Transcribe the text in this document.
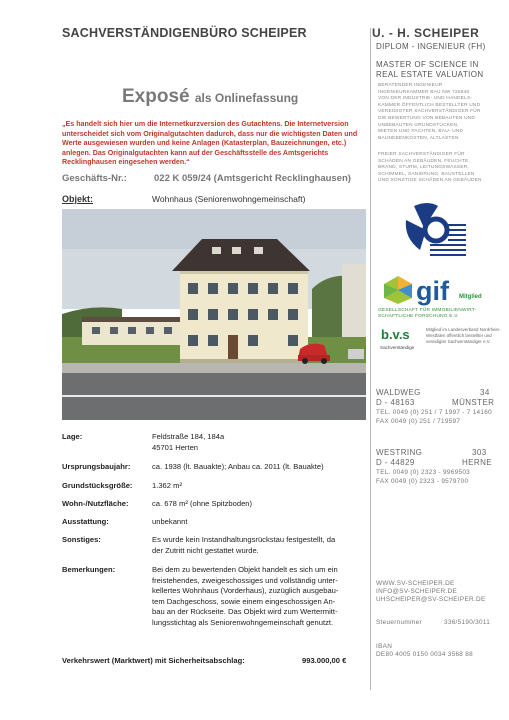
SACHVERSTÄNDIGENBÜRO SCHEIPER
Exposé als Onlinefassung
„Es handelt sich hier um die Internetkurzversion des Gutachtens. Die Internetversion unterscheidet sich vom Originalgutachten dadurch, dass nur die wichtigsten Daten und Werte ausgewiesen wurden und keine Anlagen (Katasterplan, Bauzeichnungen, etc.) anlegen. Das Originalgutachten kann auf der Geschäftsstelle des Amtsgerichts Recklinghausen eingesehen werden.“
Geschäfts-Nr.:	022 K 059/24 (Amtsgericht Recklinghausen)
Objekt:	Wohnhaus (Seniorenwohngemeinschaft)
Lage:	Feldstraße 184, 184a
45701 Herten
Ursprungsbaujahr:	ca. 1938 (lt. Bauakte); Anbau ca. 2011 (lt. Bauakte)
Grundstücksgröße:	1.362 m²
Wohn-/Nutzfläche:	ca. 678 m² (ohne Spitzboden)
Ausstattung:	unbekannt
Sonstiges:	Es wurde kein Instandhaltungsrückstau festgestellt, da
der Zutritt nicht gestattet wurde.
Bemerkungen:	Bei dem zu bewertenden Objekt handelt es sich um ein
freistehendes, zweigeschossiges und vollständig unter-
kellertes Wohnhaus (Vorderhaus), zuzüglich ausgebau-
tem Dachgeschoss, sowie einem eingeschossigen An-
bau an der Rückseite. Das Objekt wird zum Wertermitt-
lungsstichtag als Seniorenwohngemeinschaft genutzt.
Verkehrswert (Marktwert) mit Sicherheitsabschlag:	993.000,00 €
U. - H. SCHEIPER
DIPLOM - INGENIEUR (FH)
MASTER OF SCIENCE IN
REAL ESTATE VALUATION
BERATENDER INGENIEUR
INGENIEURKAMMER BAU NW 725845
VON DER INDUSTRIE- UND HANDELS-
KAMMER ÖFFENTLICH BESTELLTER UND
VEREIDIGTER SACHVERSTÄNDIGER FÜR
DIE BEWERTUNG VON BEBAUTEN UND
UNBEBAUTEN GRUNDSTÜCKEN,
MIETEN UND PACHTEN, BAU- UND
BAUNEBENKOSTEN, ALTLASTEN
FREIER SACHVERSTÄNDIGER FÜR
SCHÄDEN AN GEBÄUDEN, FEUCHTE,
BRAND, STURM, LEITUNGSWASSER,
SCHIMMEL, SANIERUNG, BAUSTELLEN
UND SONSTIGE SCHÄDEN AN GEBÄUDEN
gif Mitglied
GESELLSCHAFT FÜR IMMOBILIENWIRT-
SCHAFTLICHE FORSCHUNG E.V.
b.v.s
Sachverständige
Mitglied im Landesverband Nordrhein-Westfalen öffentlich bestellter und vereidigter Sachverständiger e.V.
WALDWEG	34
D - 48163	MÜNSTER
TEL. 0049 (0) 251 / 7 1997 - 7 14160
FAX 0049 (0) 251 / 719597
WESTRING	303
D - 44829	HERNE
TEL. 0049 (0) 2323 - 9969503
FAX 0049 (0) 2323 - 9579700
WWW.SV-SCHEIPER.DE
INFO@SV-SCHEIPER.DE
UHSCHEIPER@SV-SCHEIPER.DE
Steuernummer	336/5190/3011
IBAN
DE80 4005 0150 0034 3568 88
